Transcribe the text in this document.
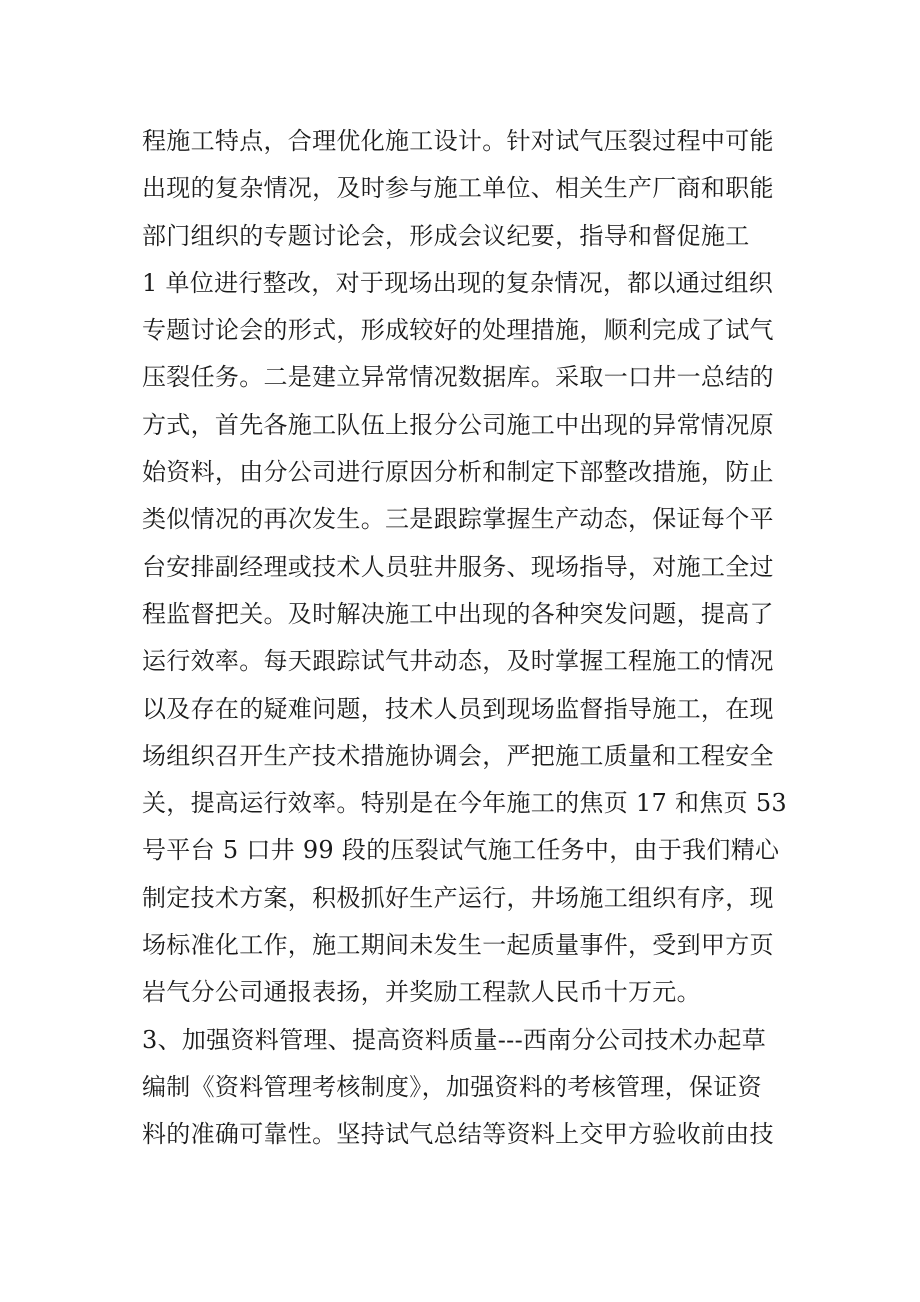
程施工特点，合理优化施工设计。针对试气压裂过程中可能
出现的复杂情况，及时参与施工单位、相关生产厂商和职能
部门组织的专题讨论会，形成会议纪要，指导和督促施工
1 单位进行整改，对于现场出现的复杂情况，都以通过组织
专题讨论会的形式，形成较好的处理措施，顺利完成了试气
压裂任务。二是建立异常情况数据库。采取一口井一总结的
方式，首先各施工队伍上报分公司施工中出现的异常情况原
始资料，由分公司进行原因分析和制定下部整改措施，防止
类似情况的再次发生。三是跟踪掌握生产动态，保证每个平
台安排副经理或技术人员驻井服务、现场指导，对施工全过
程监督把关。及时解决施工中出现的各种突发问题，提高了
运行效率。每天跟踪试气井动态，及时掌握工程施工的情况
以及存在的疑难问题，技术人员到现场监督指导施工，在现
场组织召开生产技术措施协调会，严把施工质量和工程安全
关，提高运行效率。特别是在今年施工的焦页 17 和焦页 53
号平台 5 口井 99 段的压裂试气施工任务中，由于我们精心
制定技术方案，积极抓好生产运行，井场施工组织有序，现
场标准化工作，施工期间未发生一起质量事件，受到甲方页
岩气分公司通报表扬，并奖励工程款人民币十万元。
3、加强资料管理、提高资料质量---西南分公司技术办起草
编制《资料管理考核制度》，加强资料的考核管理，保证资
料的准确可靠性。坚持试气总结等资料上交甲方验收前由技
